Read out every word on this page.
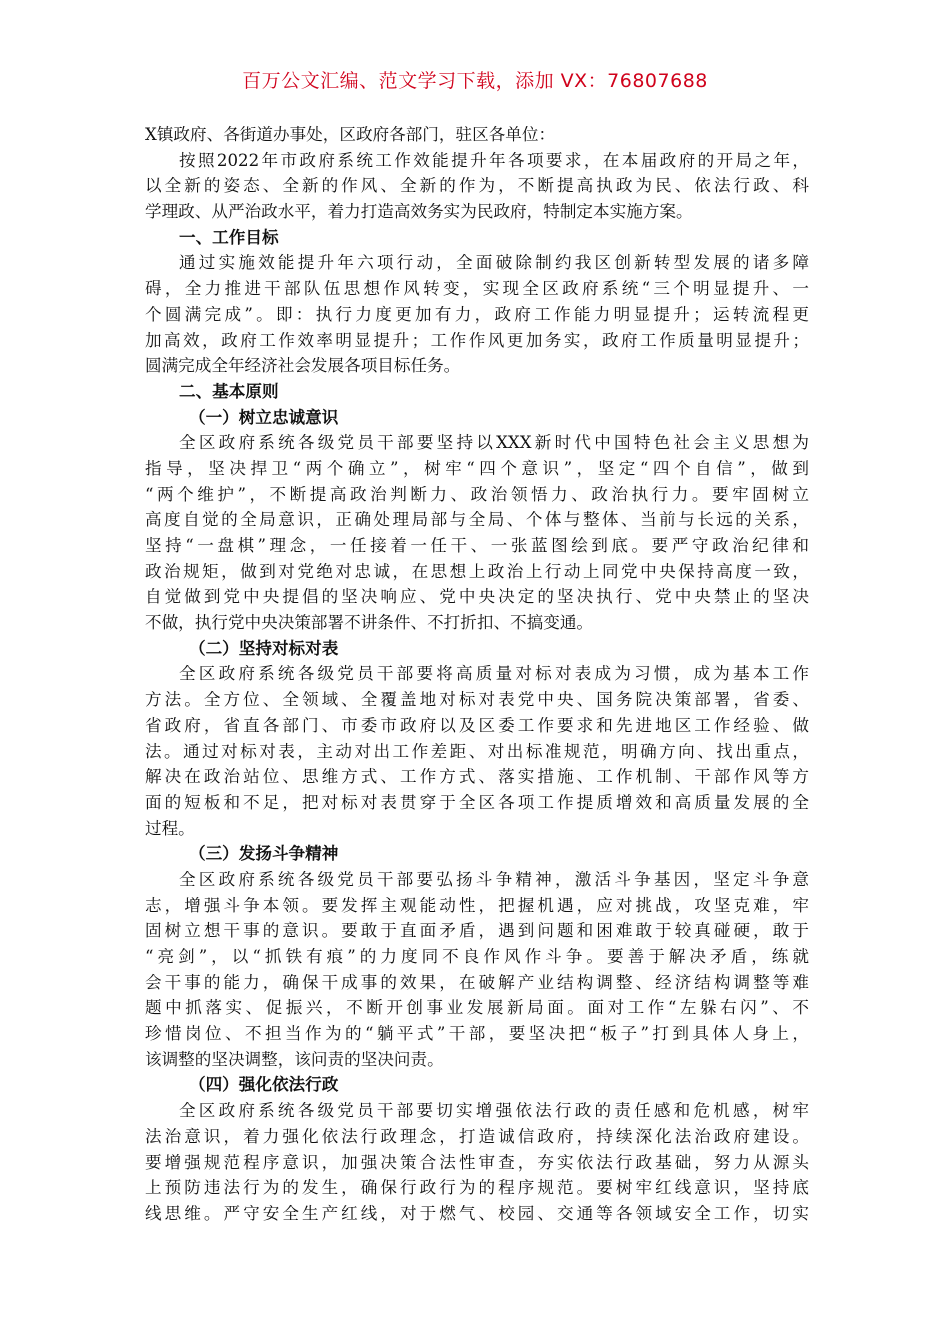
百万公文汇编、范文学习下载，添加 VX：76807688
X镇政府、各街道办事处，区政府各部门，驻区各单位：
按照2022年市政府系统工作效能提升年各项要求，在本届政府的开局之年，
以全新的姿态、全新的作风、全新的作为，不断提高执政为民、依法行政、科
学理政、从严治政水平，着力打造高效务实为民政府，特制定本实施方案。
一、工作目标
通过实施效能提升年六项行动，全面破除制约我区创新转型发展的诸多障
碍，全力推进干部队伍思想作风转变，实现全区政府系统“三个明显提升、一
个圆满完成”。即：执行力度更加有力，政府工作能力明显提升；运转流程更
加高效，政府工作效率明显提升；工作作风更加务实，政府工作质量明显提升；
圆满完成全年经济社会发展各项目标任务。
二、基本原则
（一）树立忠诚意识
全区政府系统各级党员干部要坚持以XXX新时代中国特色社会主义思想为
指导，坚决捍卫“两个确立”，树牢“四个意识”，坚定“四个自信”，做到
“两个维护”，不断提高政治判断力、政治领悟力、政治执行力。要牢固树立
高度自觉的全局意识，正确处理局部与全局、个体与整体、当前与长远的关系，
坚持“一盘棋”理念，一任接着一任干、一张蓝图绘到底。要严守政治纪律和
政治规矩，做到对党绝对忠诚，在思想上政治上行动上同党中央保持高度一致，
自觉做到党中央提倡的坚决响应、党中央决定的坚决执行、党中央禁止的坚决
不做，执行党中央决策部署不讲条件、不打折扣、不搞变通。
（二）坚持对标对表
全区政府系统各级党员干部要将高质量对标对表成为习惯，成为基本工作
方法。全方位、全领域、全覆盖地对标对表党中央、国务院决策部署，省委、
省政府，省直各部门、市委市政府以及区委工作要求和先进地区工作经验、做
法。通过对标对表，主动对出工作差距、对出标准规范，明确方向、找出重点，
解决在政治站位、思维方式、工作方式、落实措施、工作机制、干部作风等方
面的短板和不足，把对标对表贯穿于全区各项工作提质增效和高质量发展的全
过程。
（三）发扬斗争精神
全区政府系统各级党员干部要弘扬斗争精神，激活斗争基因，坚定斗争意
志，增强斗争本领。要发挥主观能动性，把握机遇，应对挑战，攻坚克难，牢
固树立想干事的意识。要敢于直面矛盾，遇到问题和困难敢于较真碰硬，敢于
“亮剑”，以“抓铁有痕”的力度同不良作风作斗争。要善于解决矛盾，练就
会干事的能力，确保干成事的效果，在破解产业结构调整、经济结构调整等难
题中抓落实、促振兴，不断开创事业发展新局面。面对工作“左躲右闪”、不
珍惜岗位、不担当作为的“躺平式”干部，要坚决把“板子”打到具体人身上，
该调整的坚决调整，该问责的坚决问责。
（四）强化依法行政
全区政府系统各级党员干部要切实增强依法行政的责任感和危机感，树牢
法治意识，着力强化依法行政理念，打造诚信政府，持续深化法治政府建设。
要增强规范程序意识，加强决策合法性审查，夯实依法行政基础，努力从源头
上预防违法行为的发生，确保行政行为的程序规范。要树牢红线意识，坚持底
线思维。严守安全生产红线，对于燃气、校园、交通等各领域安全工作，切实
